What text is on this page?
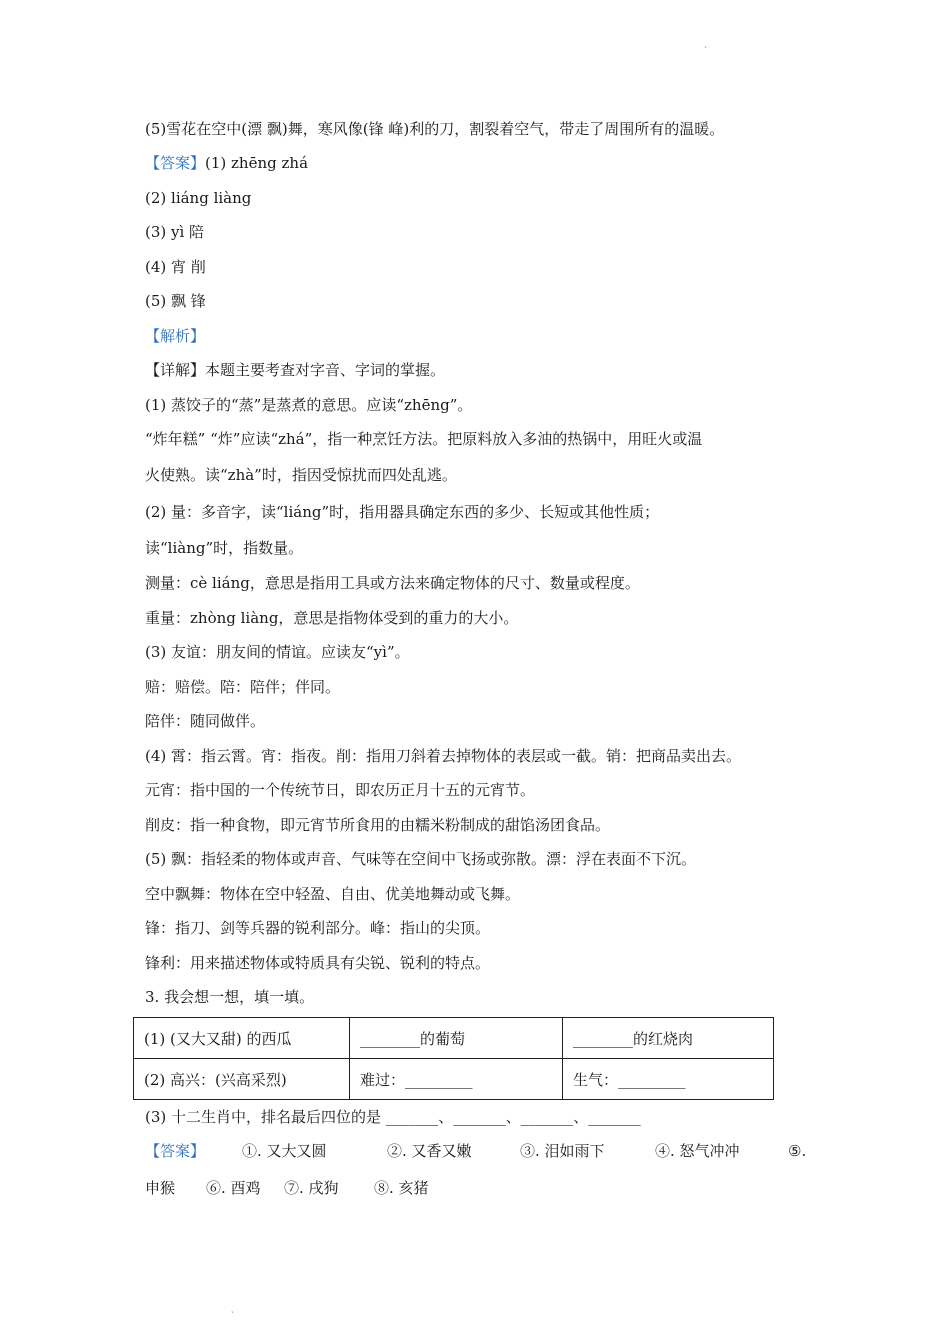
ˎ
(5)雪花在空中(漂 飘)舞，寒风像(锋 峰)利的刀，割裂着空气，带走了周围所有的温暖。
【答案】(1) zhēng zhá
(2) liáng liàng
(3) yì 陪
(4) 宵 削
(5) 飘 锋
【解析】
【详解】本题主要考查对字音、字词的掌握。
(1) 蒸饺子的“蒸”是蒸煮的意思。应读“zhēng”。
“炸年糕” “炸”应读“zhá”，指一种烹饪方法。把原料放入多油的热锅中，用旺火或温
火使熟。读“zhà”时，指因受惊扰而四处乱逃。
(2) 量：多音字，读“liáng”时，指用器具确定东西的多少、长短或其他性质；
读“liàng”时，指数量。
测量：cè liáng，意思是指用工具或方法来确定物体的尺寸、数量或程度。
重量：zhòng liàng，意思是指物体受到的重力的大小。
(3) 友谊：朋友间的情谊。应读友“yì”。
赔：赔偿。陪：陪伴；伴同。
陪伴：随同做伴。
(4) 霄：指云霄。宵：指夜。削：指用刀斜着去掉物体的表层或一截。销：把商品卖出去。
元宵：指中国的一个传统节日，即农历正月十五的元宵节。
削皮：指一种食物，即元宵节所食用的由糯米粉制成的甜馅汤团食品。
(5) 飘：指轻柔的物体或声音、气味等在空间中飞扬或弥散。漂：浮在表面不下沉。
空中飘舞：物体在空中轻盈、自由、优美地舞动或飞舞。
锋：指刀、剑等兵器的锐利部分。峰：指山的尖顶。
锋利：用来描述物体或特质具有尖锐、锐利的特点。
3. 我会想一想，填一填。
(1) (又大又甜) 的西瓜	________的葡萄	________的红烧肉
(2) 高兴：(兴高采烈)	难过：_________	生气：_________
(3) 十二生肖中，排名最后四位的是 _______、_______、_______、_______
【答案】 ①. 又大又圆	②. 又香又嫩	③. 泪如雨下	④. 怒气冲冲	⑤.
申猴 ⑥. 酉鸡 ⑦. 戌狗 ⑧. 亥猪
ˎ
